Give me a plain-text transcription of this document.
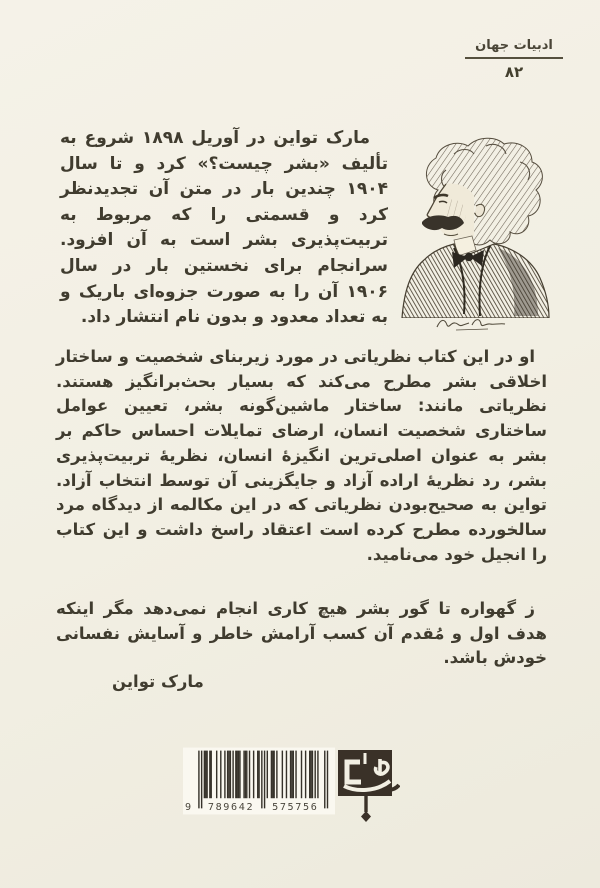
ادبیات جهان
۸۲

مارک تواین در آوریل ۱۸۹۸ شروع به تألیف «بشر چیست؟» کرد و تا سال ۱۹۰۴ چندین بار در متن آن تجدیدنظر کرد و قسمتی را که مربوط به تربیت‌پذیری بشر است به آن افزود. سرانجام برای نخستین بار در سال ۱۹۰۶ آن را به صورت جزوه‌ای باریک و به تعداد معدود و بدون نام انتشار داد.

او در این کتاب نظریاتی در مورد زیربنای شخصیت و ساختار اخلاقی بشر مطرح می‌کند که بسیار بحث‌برانگیز هستند. نظریاتی مانند: ساختار ماشین‌گونه بشر، تعیین عوامل ساختاری شخصیت انسان، ارضای تمایلات احساس حاکم بر بشر به عنوان اصلی‌ترین انگیزهٔ انسان، نظریهٔ تربیت‌پذیری بشر، رد نظریهٔ اراده آزاد و جایگزینی آن توسط انتخاب آزاد. تواین به صحیح‌بودن نظریاتی که در این مکالمه از دیدگاه مرد سالخورده مطرح کرده است اعتقاد راسخ داشت و این کتاب را انجیل خود می‌نامید.

ز گهواره تا گور بشر هیچ کاری انجام نمی‌دهد مگر اینکه هدف اول و مُقدم آن کسب آرامش خاطر و آسایش نفسانی خودش باشد.

مارک تواین
9 789642 575756
